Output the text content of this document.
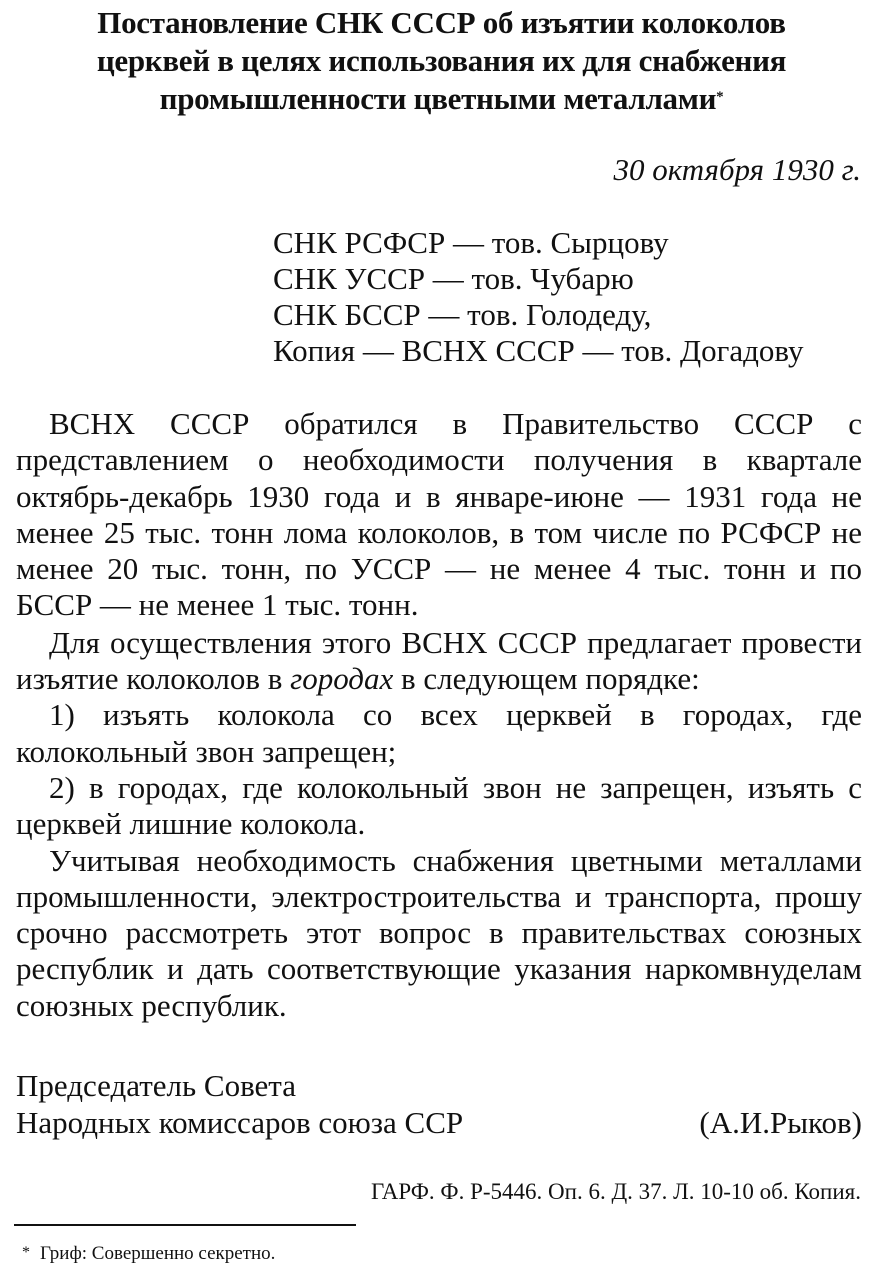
Постановление СНК СССР об изъятии колоколов
церквей в целях использования их для снабжения
промышленности цветными металлами*
30 октября 1930 г.
СНК РСФСР — тов. Сырцову
СНК УССР — тов. Чубарю
СНК БССР — тов. Голодеду,
Копия — ВСНХ СССР — тов. Догадову

ВСНХ СССР обратился в Правительство СССР с представлением о необходимости получения в квартале октябрь-декабрь 1930 года и в январе-июне — 1931 года не менее 25 тыс. тонн лома колоколов, в том числе по РСФСР не менее 20 тыс. тонн, по УССР — не менее 4 тыс. тонн и по БССР — не менее 1 тыс. тонн.

Для осуществления этого ВСНХ СССР предлагает провести изъятие колоколов в городах в следующем порядке:

1) изъять колокола со всех церквей в городах, где колокольный звон запрещен;

2) в городах, где колокольный звон не запрещен, изъять с церквей лишние колокола.

Учитывая необходимость снабжения цветными металлами промышленности, электростроительства и транспорта, прошу срочно рассмотреть этот вопрос в правительствах союзных республик и дать соответствующие указания наркомвнуделам союзных республик.

Председатель Совета
Народных комиссаров союза ССР	(А.И.Рыков)
ГАРФ. Ф. Р-5446. Оп. 6. Д. 37. Л. 10-10 об. Копия.
* Гриф: Совершенно секретно.
